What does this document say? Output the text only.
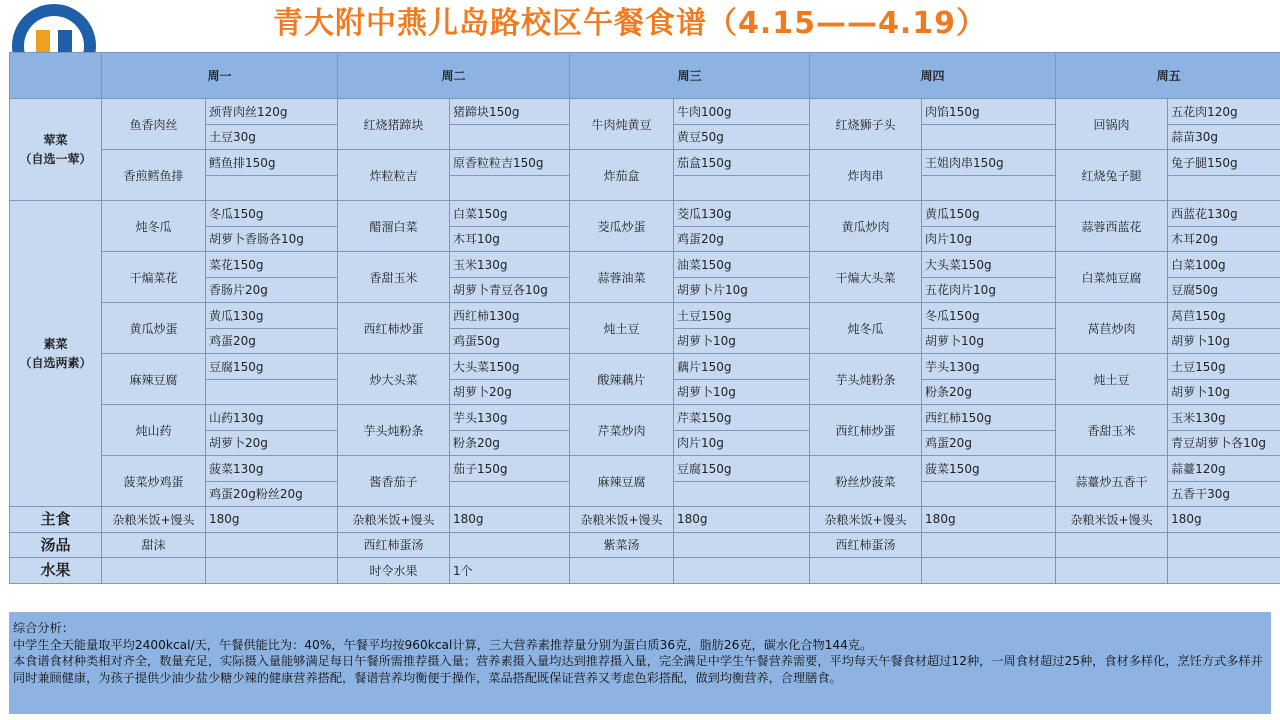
青大附中燕儿岛路校区午餐食谱（4.15——4.19）
	周一		周二		周三		周四		周五	
荤菜
（自选一荤）	鱼香肉丝	颈背肉丝120g	红烧猪蹄块	猪蹄块150g	牛肉炖黄豆	牛肉100g	红烧狮子头	肉馅150g	回锅肉	五花肉120g
		土豆30g				黄豆50g				蒜苗30g
	香煎鳕鱼排	鳕鱼排150g	炸粒粒吉	原香粒粒吉150g	炸茄盒	茄盒150g	炸肉串	王姐肉串150g	红烧兔子腿	兔子腿150g

素菜
（自选两素）	炖冬瓜	冬瓜150g	醋溜白菜	白菜150g	茭瓜炒蛋	茭瓜130g	黄瓜炒肉	黄瓜150g	蒜蓉西蓝花	西蓝花130g
		胡萝卜香肠各10g		木耳10g		鸡蛋20g		肉片10g		木耳20g
	干煸菜花	菜花150g	香甜玉米	玉米130g	蒜蓉油菜	油菜150g	干煸大头菜	大头菜150g	白菜炖豆腐	白菜100g
		香肠片20g		胡萝卜青豆各10g		胡萝卜片10g		五花肉片10g		豆腐50g
	黄瓜炒蛋	黄瓜130g	西红柿炒蛋	西红柿130g	炖土豆	土豆150g	炖冬瓜	冬瓜150g	莴苣炒肉	莴苣150g
		鸡蛋20g		鸡蛋50g		胡萝卜10g		胡萝卜10g		胡萝卜10g
	麻辣豆腐	豆腐150g	炒大头菜	大头菜150g	酸辣藕片	藕片150g	芋头炖粉条	芋头130g	炖土豆	土豆150g
				胡萝卜20g		胡萝卜10g		粉条20g		胡萝卜10g
	炖山药	山药130g	芋头炖粉条	芋头130g	芹菜炒肉	芹菜150g	西红柿炒蛋	西红柿150g	香甜玉米	玉米130g
		胡萝卜20g		粉条20g		肉片10g		鸡蛋20g		青豆胡萝卜各10g
	菠菜炒鸡蛋	菠菜130g	酱香茄子	茄子150g	麻辣豆腐	豆腐150g	粉丝炒菠菜	菠菜150g	蒜薹炒五香干	蒜薹120g
		鸡蛋20g粉丝20g								五香干30g
主食	杂粮米饭+馒头	180g	杂粮米饭+馒头	180g	杂粮米饭+馒头	180g	杂粮米饭+馒头	180g	杂粮米饭+馒头	180g
汤品	甜沫		西红柿蛋汤		紫菜汤		西红柿蛋汤			
水果			时令水果	1个						
综合分析：
中学生全天能量取平均2400kcal/天，午餐供能比为：40%，午餐平均按960kcal计算，三大营养素推荐量分别为蛋白质36克，脂肪26克，碳水化合物144克。
本食谱食材种类相对齐全，数量充足，实际摄入量能够满足每日午餐所需推荐摄入量；营养素摄入量均达到推荐摄入量，完全满足中学生午餐营养需要，平均每天午餐食材超过12种，一周食材超过25种，食材多样化，烹饪方式多样并同时兼顾健康，为孩子提供少油少盐少糖少辣的健康营养搭配，餐谱营养均衡便于操作，菜品搭配既保证营养又考虑色彩搭配，做到均衡营养，合理膳食。
